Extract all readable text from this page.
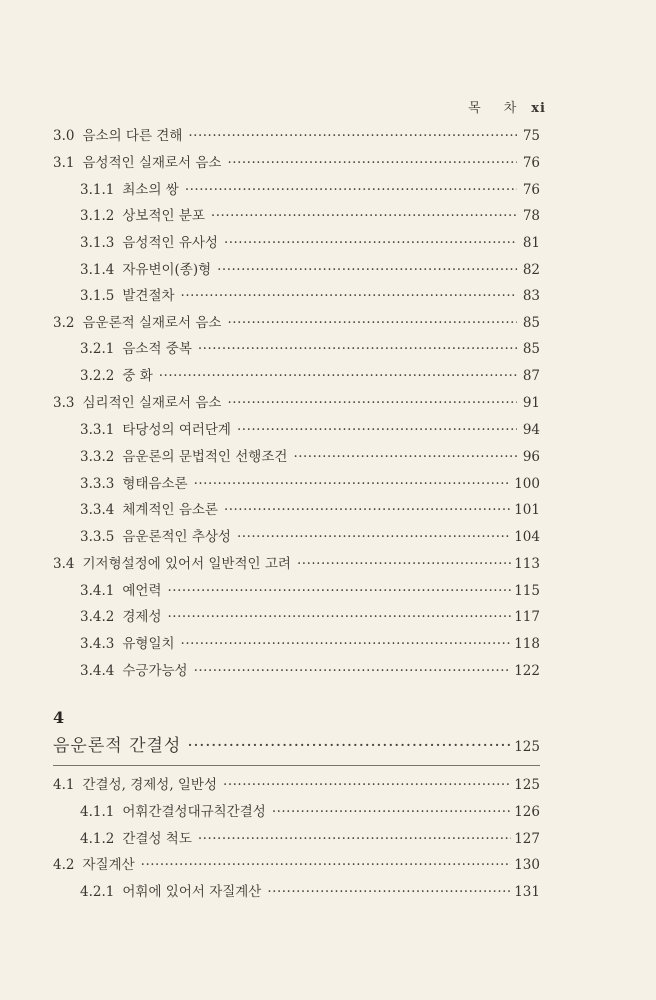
목 차 xi
3.0 음소의 다른 견해 ·····	75
3.1 음성적인 실재로서 음소 ·····	76
3.1.1 최소의 쌍 ·····	76
3.1.2 상보적인 분포 ·····	78
3.1.3 음성적인 유사성 ·····	81
3.1.4 자유변이(종)형 ·····	82
3.1.5 발견절차 ·····	83
3.2 음운론적 실재로서 음소 ·····	85
3.2.1 음소적 중복 ·····	85
3.2.2 중 화 ·····	87
3.3 심리적인 실재로서 음소 ·····	91
3.3.1 타당성의 여러단계 ·····	94
3.3.2 음운론의 문법적인 선행조건 ·····	96
3.3.3 형태음소론 ·····	100
3.3.4 체계적인 음소론 ·····	101
3.3.5 음운론적인 추상성 ·····	104
3.4 기저형설정에 있어서 일반적인 고려 ·····	113
3.4.1 예언력 ·····	115
3.4.2 경제성 ·····	117
3.4.3 유형일치 ·····	118
3.4.4 수긍가능성 ·····	122
4
음운론적 간결성 ·····	125
4.1 간결성, 경제성, 일반성 ·····	125
4.1.1 어휘간결성대규칙간결성 ·····	126
4.1.2 간결성 척도 ·····	127
4.2 자질계산 ·····	130
4.2.1 어휘에 있어서 자질계산 ·····	131
